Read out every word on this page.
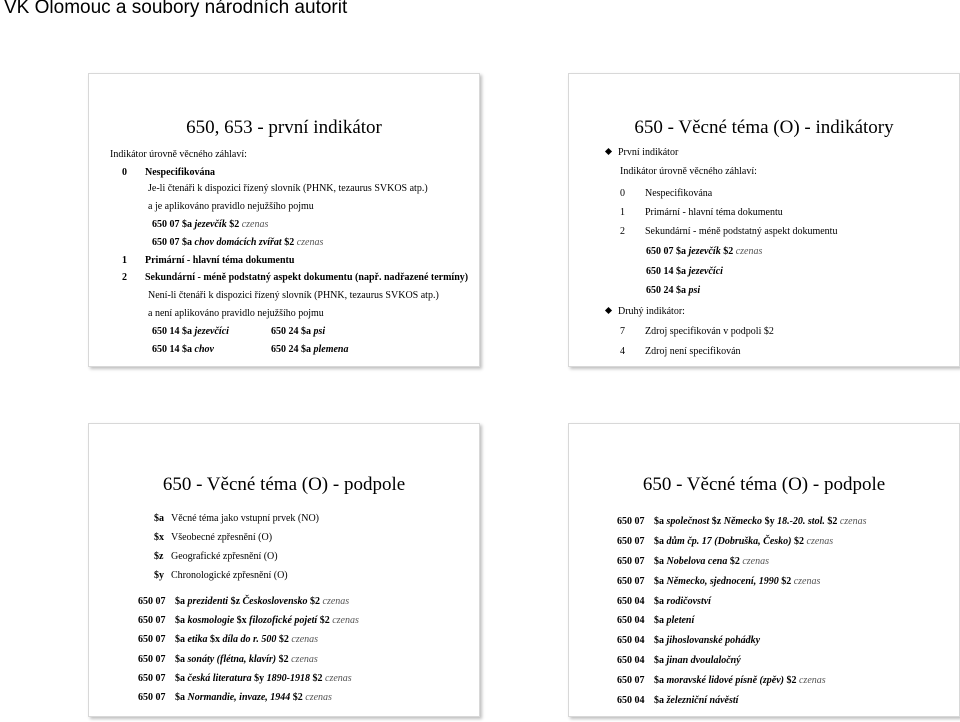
VK Olomouc a soubory národních autorit
650, 653 - první indikátor
Indikátor úrovně věcného záhlaví:
0 Nespecifikována
Je-li čtenáři k dispozici řízený slovník (PHNK, tezaurus SVKOS atp.)
a je aplikováno pravidlo nejužšího pojmu
650 07 $a jezevčík $2 czenas
650 07 $a chov domácích zvířat $2 czenas
1 Primární - hlavní téma dokumentu
2 Sekundární - méně podstatný aspekt dokumentu (např. nadřazené termíny)
Není-li čtenáři k dispozici řízený slovník (PHNK, tezaurus SVKOS atp.)
a není aplikováno pravidlo nejužšího pojmu
650 14 $a jezevčíci	650 24 $a psi
650 14 $a chov	650 24 $a plemena
650 - Věcné téma (O) - indikátory
První indikátor
Indikátor úrovně věcného záhlaví:
0 Nespecifikována
1 Primární - hlavní téma dokumentu
2 Sekundární - méně podstatný aspekt dokumentu
650 07 $a jezevčík $2 czenas
650 14 $a jezevčíci
650 24 $a psi
Druhý indikátor:
7 Zdroj specifikován v podpoli $2
4 Zdroj není specifikován
650 - Věcné téma (O) - podpole
$a Věcné téma jako vstupní prvek (NO)
$x Všeobecné zpřesnění (O)
$z Geografické zpřesnění (O)
$y Chronologické zpřesnění (O)
650 07 $a prezidenti $z Československo $2 czenas
650 07 $a kosmologie $x filozofické pojetí $2 czenas
650 07 $a etika $x díla do r. 500 $2 czenas
650 07 $a sonáty (flétna, klavír) $2 czenas
650 07 $a česká literatura $y 1890-1918 $2 czenas
650 07 $a Normandie, invaze, 1944 $2 czenas
650 - Věcné téma (O) - podpole
650 07 $a společnost $z Německo $y 18.-20. stol. $2 czenas
650 07 $a dům čp. 17 (Dobruška, Česko) $2 czenas
650 07 $a Nobelova cena $2 czenas
650 07 $a Německo, sjednocení, 1990 $2 czenas
650 04 $a rodičovství
650 04 $a pletení
650 04 $a jihoslovanské pohádky
650 04 $a jinan dvoulaločný
650 07 $a moravské lidové písně (zpěv) $2 czenas
650 04 $a železniční návěstí
